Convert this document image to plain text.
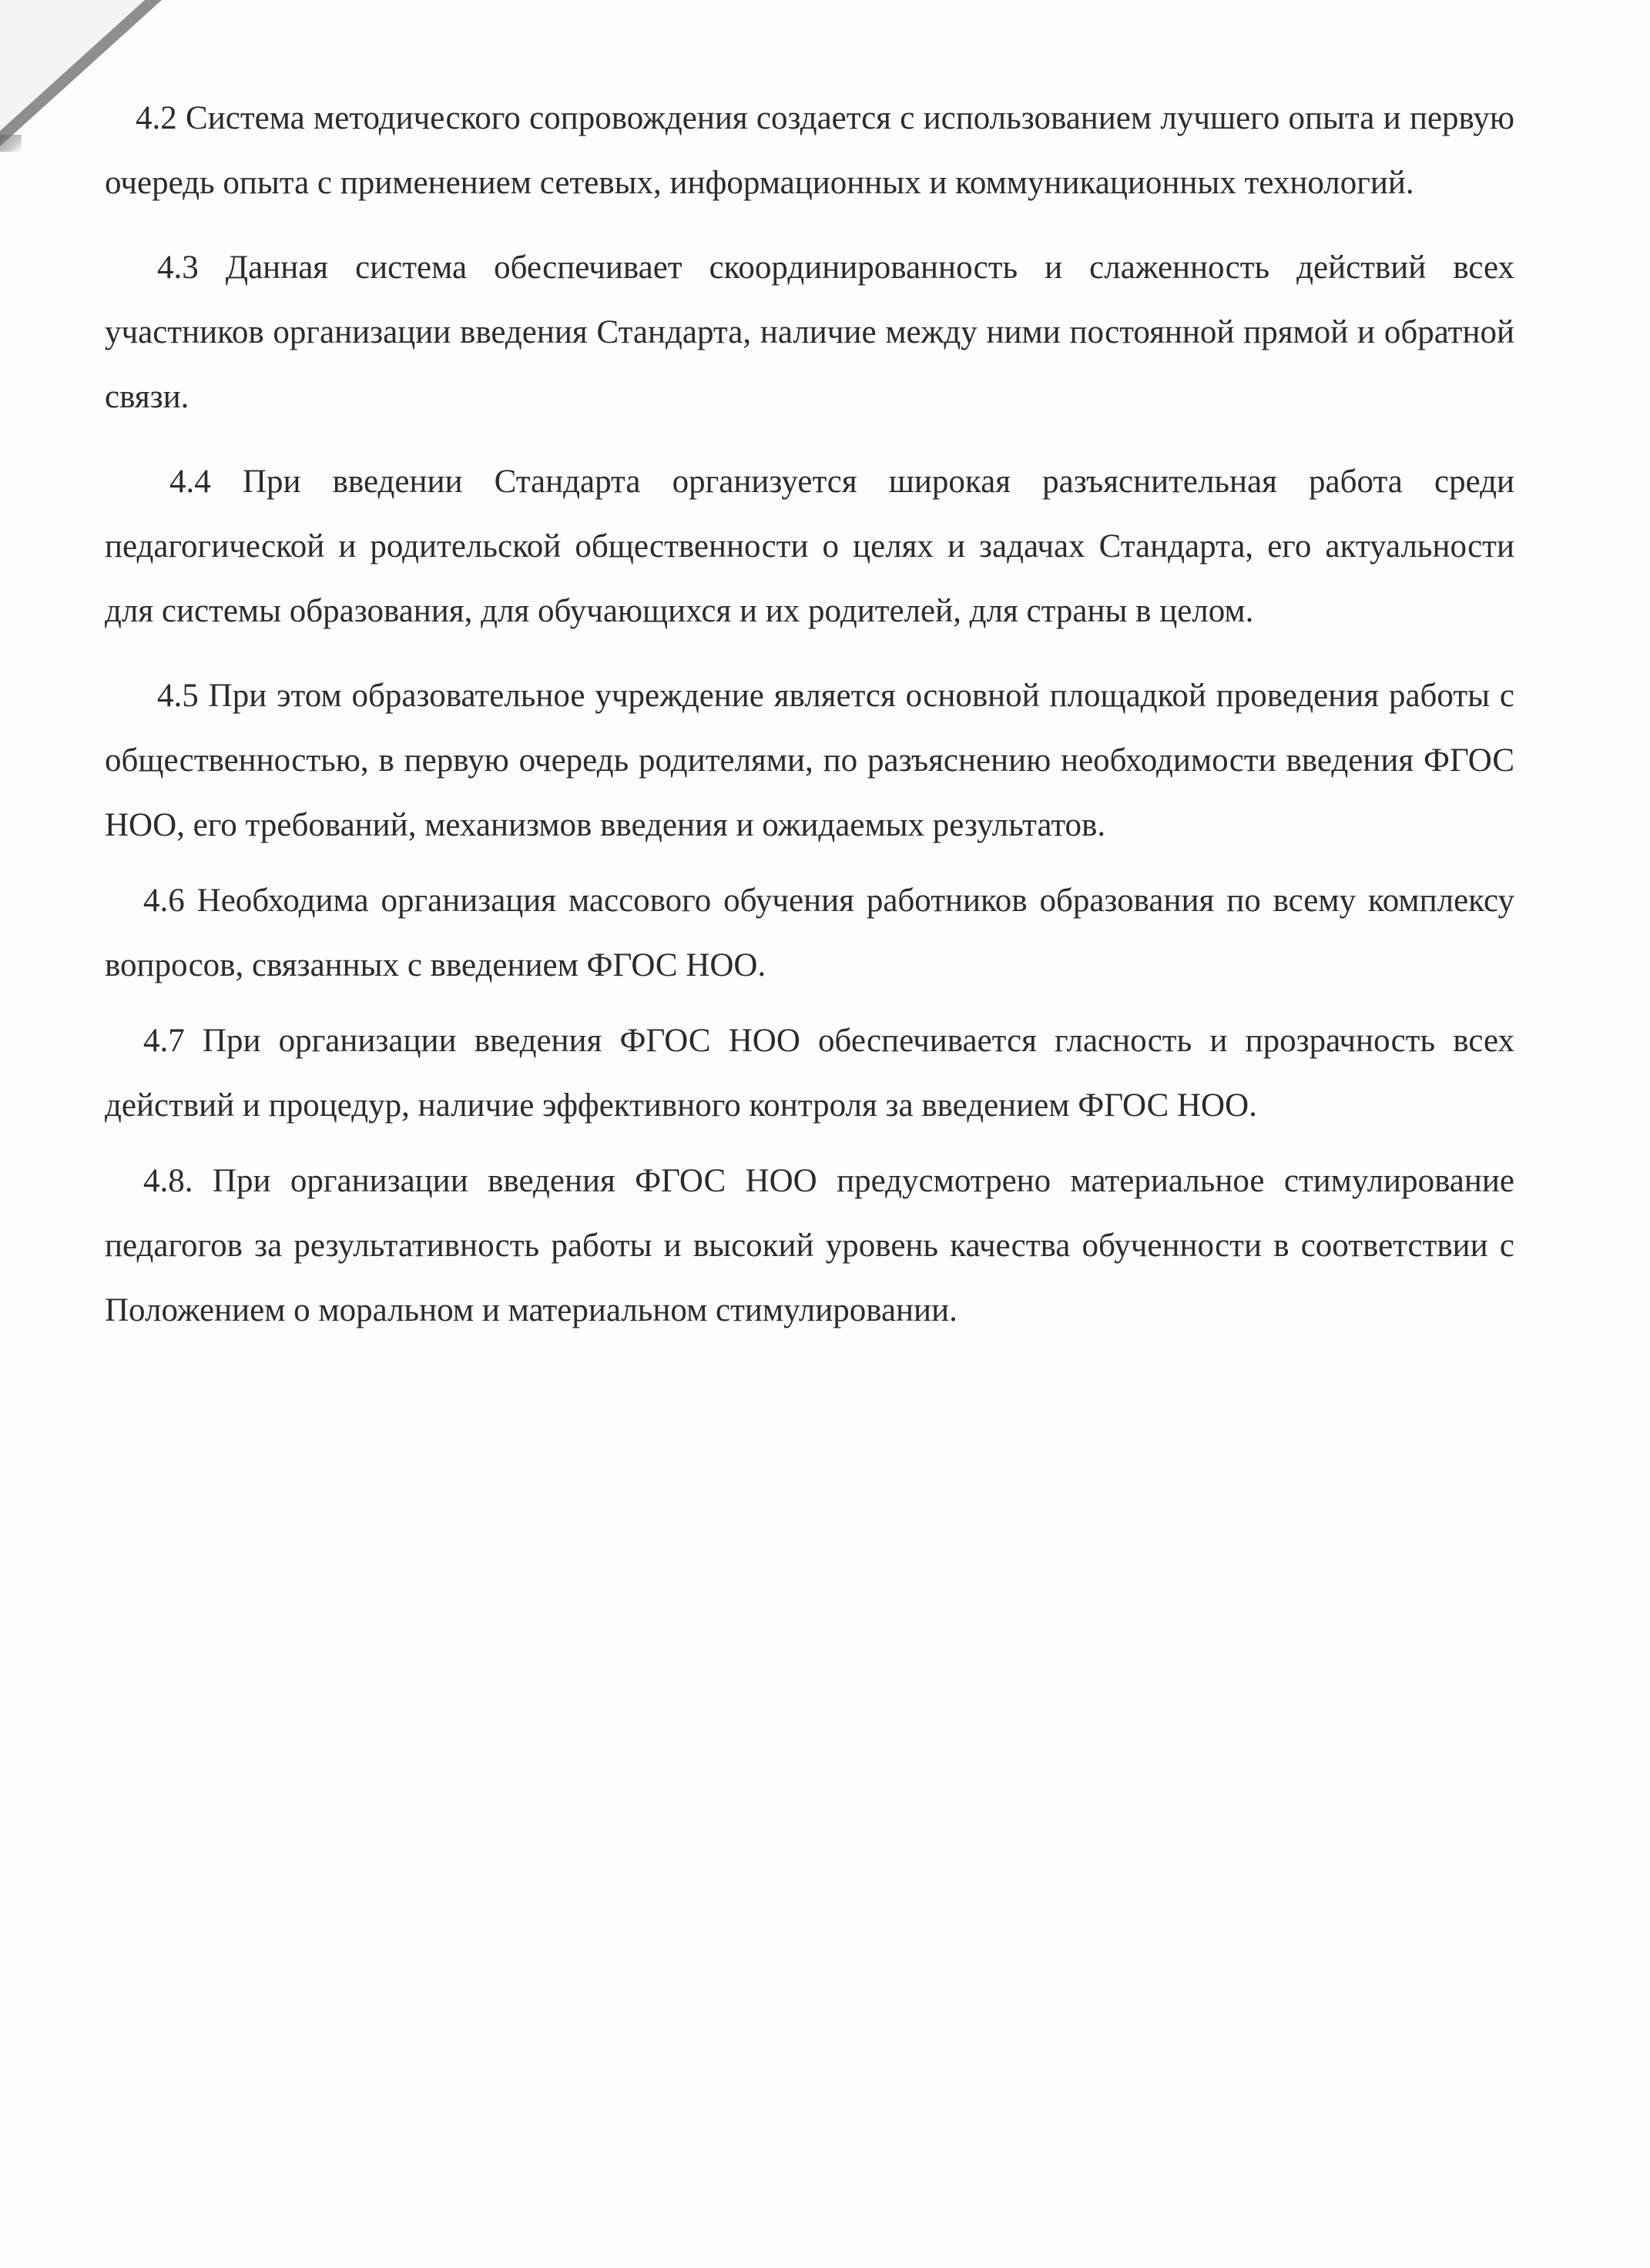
4.2 Система методического сопровождения создается с использованием лучшего опыта и первую очередь опыта с применением сетевых, информационных и коммуникационных технологий.

4.3 Данная система обеспечивает скоординированность и слаженность действий всех участников организации введения Стандарта, наличие между ними постоянной прямой и обратной связи.

4.4 При введении Стандарта организуется широкая разъяснительная работа среди педагогической и родительской общественности о целях и задачах Стандарта, его актуальности для системы образования, для обучающихся и их родителей, для страны в целом.

4.5 При этом образовательное учреждение является основной площадкой проведения работы с общественностью, в первую очередь родителями, по разъяснению необходимости введения ФГОС НОО, его требований, механизмов введения и ожидаемых результатов.

4.6 Необходима организация массового обучения работников образования по всему комплексу вопросов, связанных с введением ФГОС НОО.

4.7 При организации введения ФГОС НОО обеспечивается гласность и прозрачность всех действий и процедур, наличие эффективного контроля за введением ФГОС НОО.

4.8. При организации введения ФГОС НОО предусмотрено материальное стимулирование педагогов за результативность работы и высокий уровень качества обученности в соответствии с Положением о моральном и материальном стимулировании.
